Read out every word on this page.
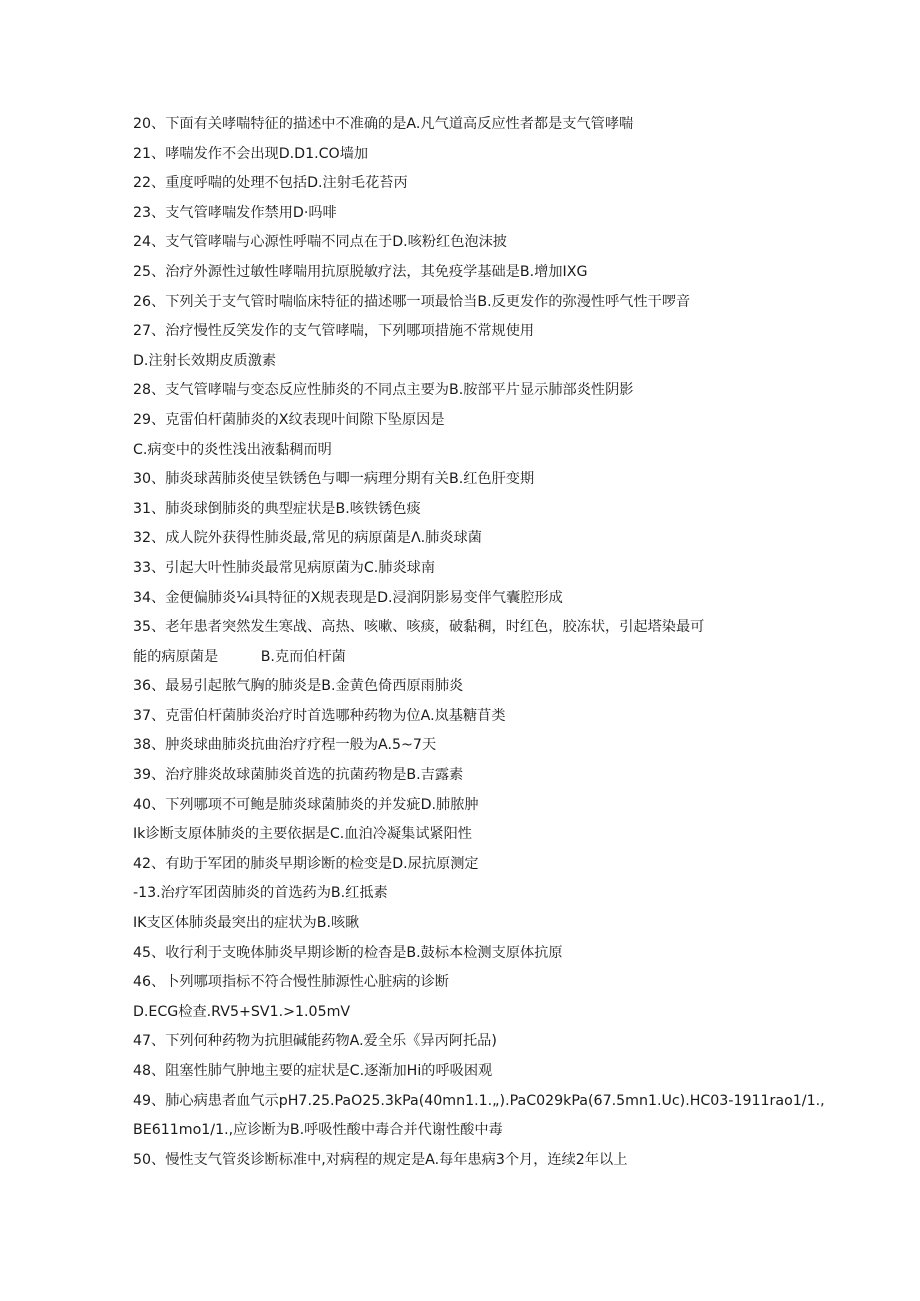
20、下面有关哮喘特征的描述中不准确的是A.凡气道高反应性者都是支气管哮喘
21、哮喘发作不会出现D.D1.CO墙加
22、重度呼喘的处理不包括D.注射毛花苔丙
23、支气管哮喘发作禁用D·吗啡
24、支气管哮喘与心源性呼喘不同点在于D.咳粉红色泡沫披
25、治疗外源性过敏性哮喘用抗原脱敏疗法，其免疫学基础是B.增加IXG
26、下列关于支气管时喘临床特征的描述哪一项最恰当B.反更发作的弥漫性呼气性干啰音
27、治疗慢性反笑发作的支气管哮喘，下列哪项措施不常规使用
D.注射长效期皮质激素
28、支气管哮喘与变态反应性肺炎的不同点主要为B.胺部平片显示肺部炎性阴影
29、克雷伯杆菌肺炎的X纹表现叶间隙下坠原因是
C.病变中的炎性浅出液黏稠而明
30、肺炎球茜肺炎使呈铁锈色与唧一病理分期有关B.红色肝变期
31、肺炎球倒肺炎的典型症状是B.咳铁锈色痰
32、成人院外获得性肺炎最,常见的病原菌是Λ.肺炎球菌
33、引起大叶性肺炎最常见病原菌为C.肺炎球南
34、金便偏肺炎¼i具特征的X规表现是D.浸润阴影易变伴气囊腔形成
35、老年患者突然发生寒战、高热、咳嗽、咳痰，破黏稠，时红色，胶冻状，引起塔染最可
能的病原菌是　　　B.克而伯杆菌
36、最易引起脓气胸的肺炎是B.金黄色倚西原雨肺炎
37、克雷伯杆菌肺炎治疗时首选哪种药物为位A.岚基糖苜类
38、肿炎球曲肺炎抗曲治疗疗程一般为A.5~7天
39、治疗腓炎故球菌肺炎首选的抗菌药物是B.吉露素
40、下列哪项不可鲍是肺炎球菌肺炎的并发疵D.肺脓肿
Ik诊断支原体肺炎的主要依据是C.血泊冷凝集试紧阳性
42、有助于军团的肺炎早期诊断的检变是D.尿抗原测定
-13.治疗军团茵肺炎的首选药为B.红抵素
IK支区体肺炎最突出的症状为B.咳瞅
45、收行利于支晚体肺炎早期诊断的检杳是B.鼓标本检测支原体抗原
46、卜列哪项指标不符合慢性肺源性心脏病的诊断
D.ECG检查.RV5+SV1.>1.05mV
47、下列何种药物为抗胆碱能药物A.爱全乐《异丙阿托品)
48、阻塞性肺气肿地主要的症状是C.逐渐加Hi的呼吸困观
49、肺心病患者血气示pH7.25.PaO25.3kPa(40mn1.1.„).PaC029kPa(67.5mn1.Uc).HC03-1911rao1∕1.,
BE611mo1∕1.,应诊断为B.呼吸性酸中毒合并代谢性酸中毒
50、慢性支气管炎诊断标准中,对病程的规定是A.每年患病3个月，连续2年以上
